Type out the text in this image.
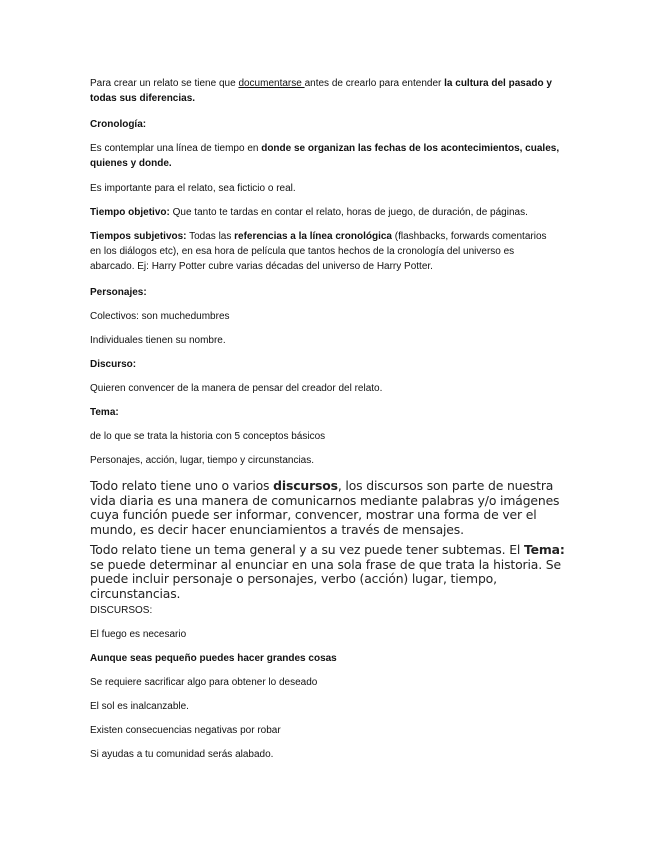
Para crear un relato se tiene que documentarse antes de crearlo para entender la cultura del pasado y todas sus diferencias.

Cronología:

Es contemplar una línea de tiempo en donde se organizan las fechas de los acontecimientos, cuales, quienes y donde.

Es importante para el relato, sea ficticio o real.

Tiempo objetivo: Que tanto te tardas en contar el relato, horas de juego, de duración, de páginas.

Tiempos subjetivos: Todas las referencias a la línea cronológica (flashbacks, forwards comentarios en los diálogos etc), en esa hora de película que tantos hechos de la cronología del universo es abarcado. Ej: Harry Potter cubre varias décadas del universo de Harry Potter.

Personajes:

Colectivos: son muchedumbres

Individuales tienen su nombre.

Discurso:

Quieren convencer de la manera de pensar del creador del relato.

Tema:

de lo que se trata la historia con 5 conceptos básicos

Personajes, acción, lugar, tiempo y circunstancias.

Todo relato tiene uno o varios discursos, los discursos son parte de nuestra vida diaria es una manera de comunicarnos mediante palabras y/o imágenes cuya función puede ser informar, convencer, mostrar una forma de ver el mundo, es decir hacer enunciamientos a través de mensajes.
Todo relato tiene un tema general y a su vez puede tener subtemas. El Tema: se puede determinar al enunciar en una sola frase de que trata la historia. Se puede incluir personaje o personajes, verbo (acción) lugar, tiempo, circunstancias.

DISCURSOS:

El fuego es necesario

Aunque seas pequeño puedes hacer grandes cosas

Se requiere sacrificar algo para obtener lo deseado

El sol es inalcanzable.

Existen consecuencias negativas por robar

Si ayudas a tu comunidad serás alabado.
